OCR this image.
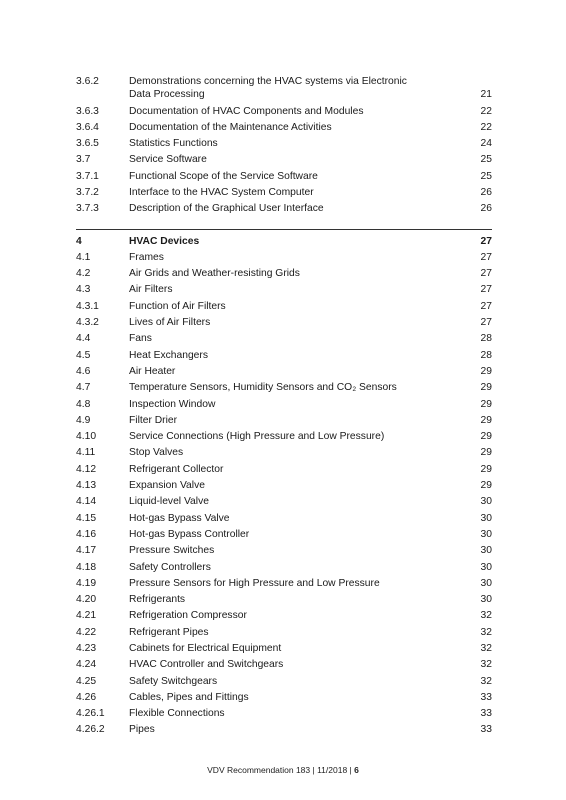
3.6.2	Demonstrations concerning the HVAC systems via Electronic Data Processing	21
3.6.3	Documentation of HVAC Components and Modules	22
3.6.4	Documentation of the Maintenance Activities	22
3.6.5	Statistics Functions	24
3.7	Service Software	25
3.7.1	Functional Scope of the Service Software	25
3.7.2	Interface to the HVAC System Computer	26
3.7.3	Description of the Graphical User Interface	26
4	HVAC Devices	27
4.1	Frames	27
4.2	Air Grids and Weather-resisting Grids	27
4.3	Air Filters	27
4.3.1	Function of Air Filters	27
4.3.2	Lives of Air Filters	27
4.4	Fans	28
4.5	Heat Exchangers	28
4.6	Air Heater	29
4.7	Temperature Sensors, Humidity Sensors and CO₂ Sensors	29
4.8	Inspection Window	29
4.9	Filter Drier	29
4.10	Service Connections (High Pressure and Low Pressure)	29
4.11	Stop Valves	29
4.12	Refrigerant Collector	29
4.13	Expansion Valve	29
4.14	Liquid-level Valve	30
4.15	Hot-gas Bypass Valve	30
4.16	Hot-gas Bypass Controller	30
4.17	Pressure Switches	30
4.18	Safety Controllers	30
4.19	Pressure Sensors for High Pressure and Low Pressure	30
4.20	Refrigerants	30
4.21	Refrigeration Compressor	32
4.22	Refrigerant Pipes	32
4.23	Cabinets for Electrical Equipment	32
4.24	HVAC Controller and Switchgears	32
4.25	Safety Switchgears	32
4.26	Cables, Pipes and Fittings	33
4.26.1 Flexible Connections	33
4.26.2 Pipes	33
VDV Recommendation 183 | 11/2018 | 6
